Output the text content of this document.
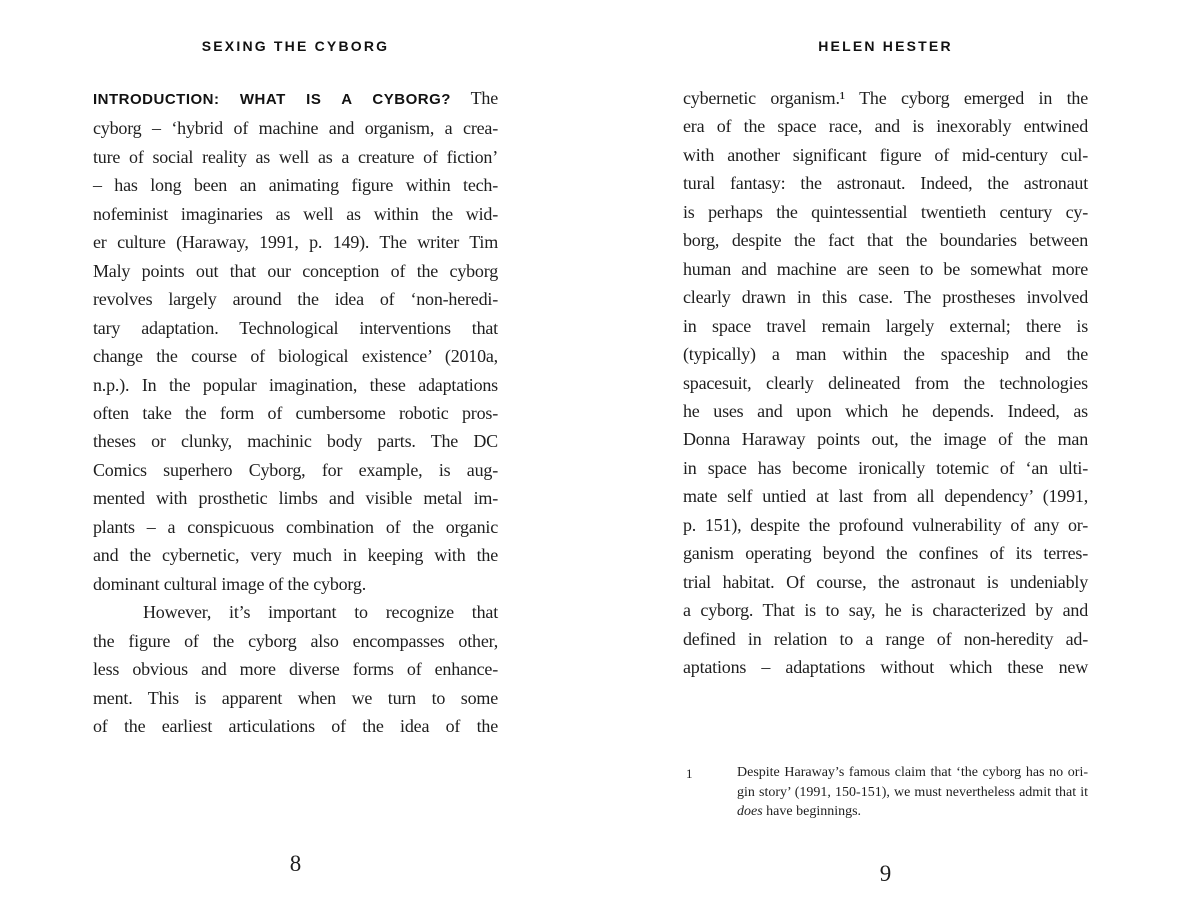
SEXING THE CYBORG
INTRODUCTION: WHAT IS A CYBORG? The
cyborg – ‘hybrid of machine and organism, a crea-
ture of social reality as well as a creature of fiction’
– has long been an animating figure within tech-
nofeminist imaginaries as well as within the wid-
er culture (Haraway, 1991, p. 149). The writer Tim
Maly points out that our conception of the cyborg
revolves largely around the idea of ‘non-heredi-
tary adaptation. Technological interventions that
change the course of biological existence’ (2010a,
n.p.). In the popular imagination, these adaptations
often take the form of cumbersome robotic pros-
theses or clunky, machinic body parts. The DC
Comics superhero Cyborg, for example, is aug-
mented with prosthetic limbs and visible metal im-
plants – a conspicuous combination of the organic
and the cybernetic, very much in keeping with the
dominant cultural image of the cyborg.
However, it’s important to recognize that
the figure of the cyborg also encompasses other,
less obvious and more diverse forms of enhance-
ment. This is apparent when we turn to some
of the earliest articulations of the idea of the
8
HELEN HESTER
cybernetic organism.¹ The cyborg emerged in the
era of the space race, and is inexorably entwined
with another significant figure of mid-century cul-
tural fantasy: the astronaut. Indeed, the astronaut
is perhaps the quintessential twentieth century cy-
borg, despite the fact that the boundaries between
human and machine are seen to be somewhat more
clearly drawn in this case. The prostheses involved
in space travel remain largely external; there is
(typically) a man within the spaceship and the
spacesuit, clearly delineated from the technologies
he uses and upon which he depends. Indeed, as
Donna Haraway points out, the image of the man
in space has become ironically totemic of ‘an ulti-
mate self untied at last from all dependency’ (1991,
p. 151), despite the profound vulnerability of any or-
ganism operating beyond the confines of its terres-
trial habitat. Of course, the astronaut is undeniably
a cyborg. That is to say, he is characterized by and
defined in relation to a range of non-heredity ad-
aptations – adaptations without which these new
1	Despite Haraway’s famous claim that ‘the cyborg has no ori-
gin story’ (1991, 150-151), we must nevertheless admit that it
does have beginnings.
9
